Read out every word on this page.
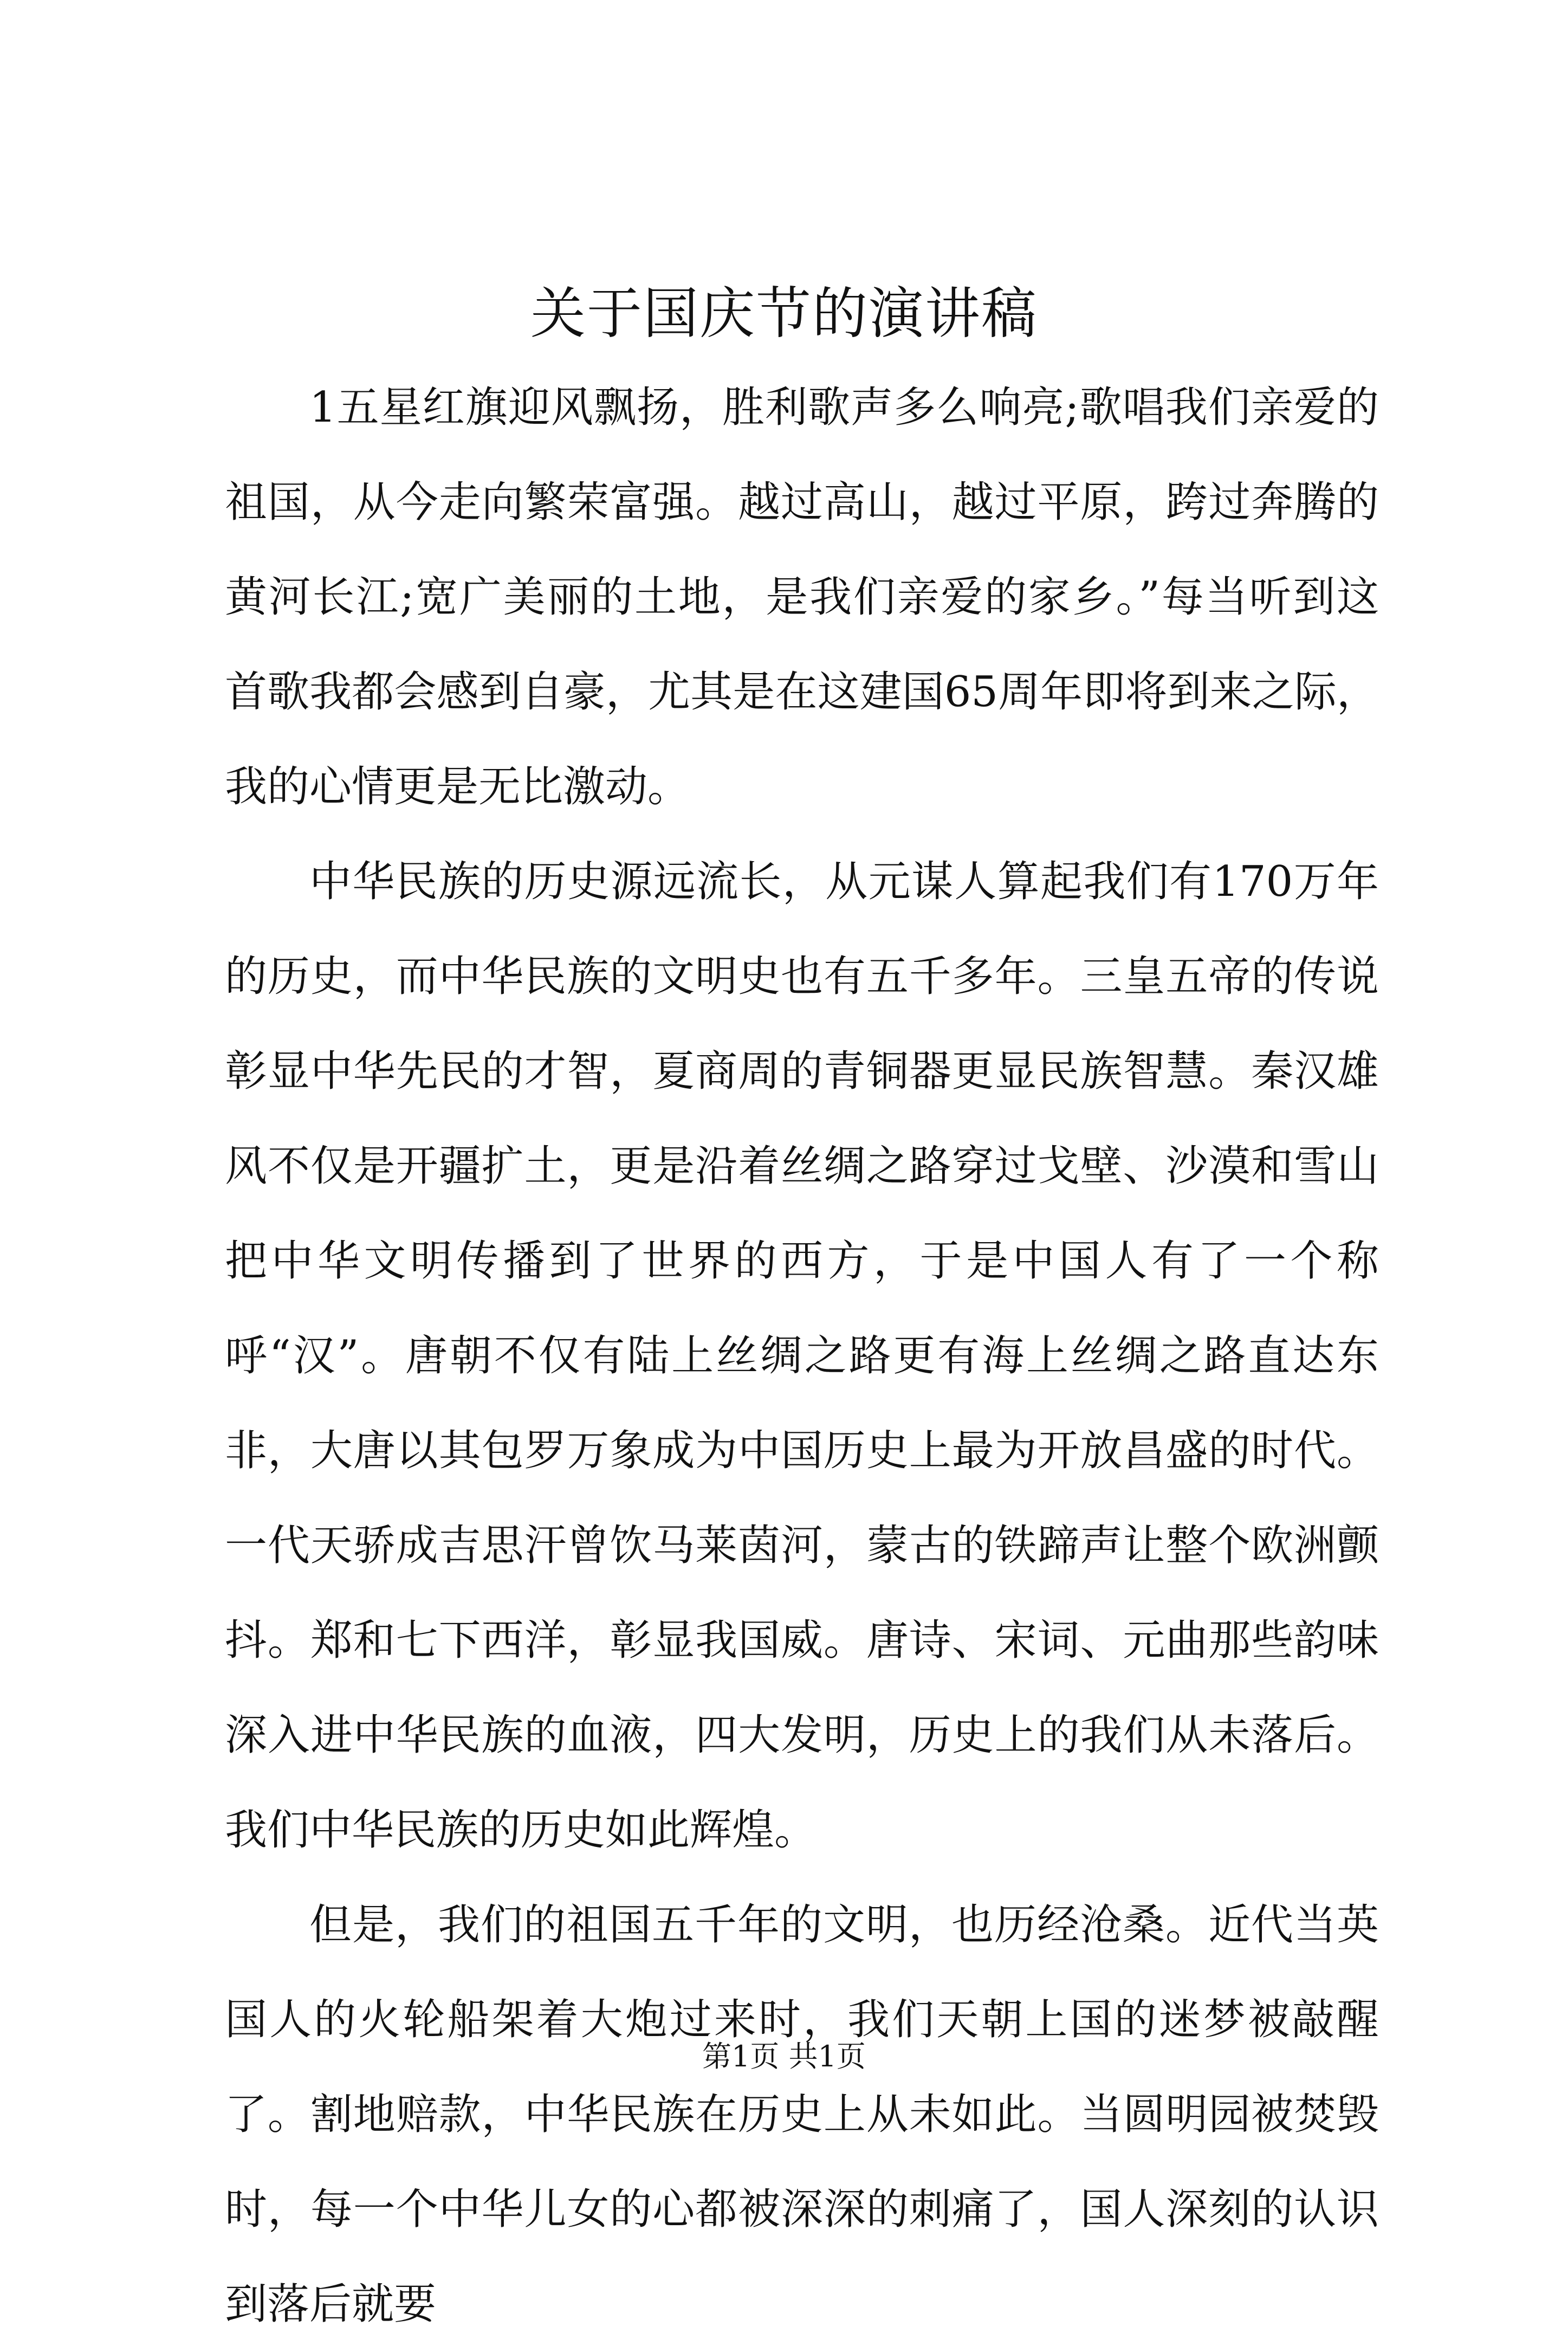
关于国庆节的演讲稿

1五星红旗迎风飘扬，胜利歌声多么响亮;歌唱我们亲爱的祖国，从今走向繁荣富强。越过高山，越过平原，跨过奔腾的黄河长江;宽广美丽的土地，是我们亲爱的家乡。”每当听到这首歌我都会感到自豪，尤其是在这建国65周年即将到来之际，我的心情更是无比激动。

中华民族的历史源远流长，从元谋人算起我们有170万年的历史，而中华民族的文明史也有五千多年。三皇五帝的传说彰显中华先民的才智，夏商周的青铜器更显民族智慧。秦汉雄风不仅是开疆扩土，更是沿着丝绸之路穿过戈壁、沙漠和雪山把中华文明传播到了世界的西方，于是中国人有了一个称呼“汉”。唐朝不仅有陆上丝绸之路更有海上丝绸之路直达东非，大唐以其包罗万象成为中国历史上最为开放昌盛的时代。一代天骄成吉思汗曾饮马莱茵河，蒙古的铁蹄声让整个欧洲颤抖。郑和七下西洋，彰显我国威。唐诗、宋词、元曲那些韵味深入进中华民族的血液，四大发明，历史上的我们从未落后。我们中华民族的历史如此辉煌。

但是，我们的祖国五千年的文明，也历经沧桑。近代当英国人的火轮船架着大炮过来时，我们天朝上国的迷梦被敲醒了。割地赔款，中华民族在历史上从未如此。当圆明园被焚毁时，每一个中华儿女的心都被深深的刺痛了，国人深刻的认识到落后就要

第1页 共1页
